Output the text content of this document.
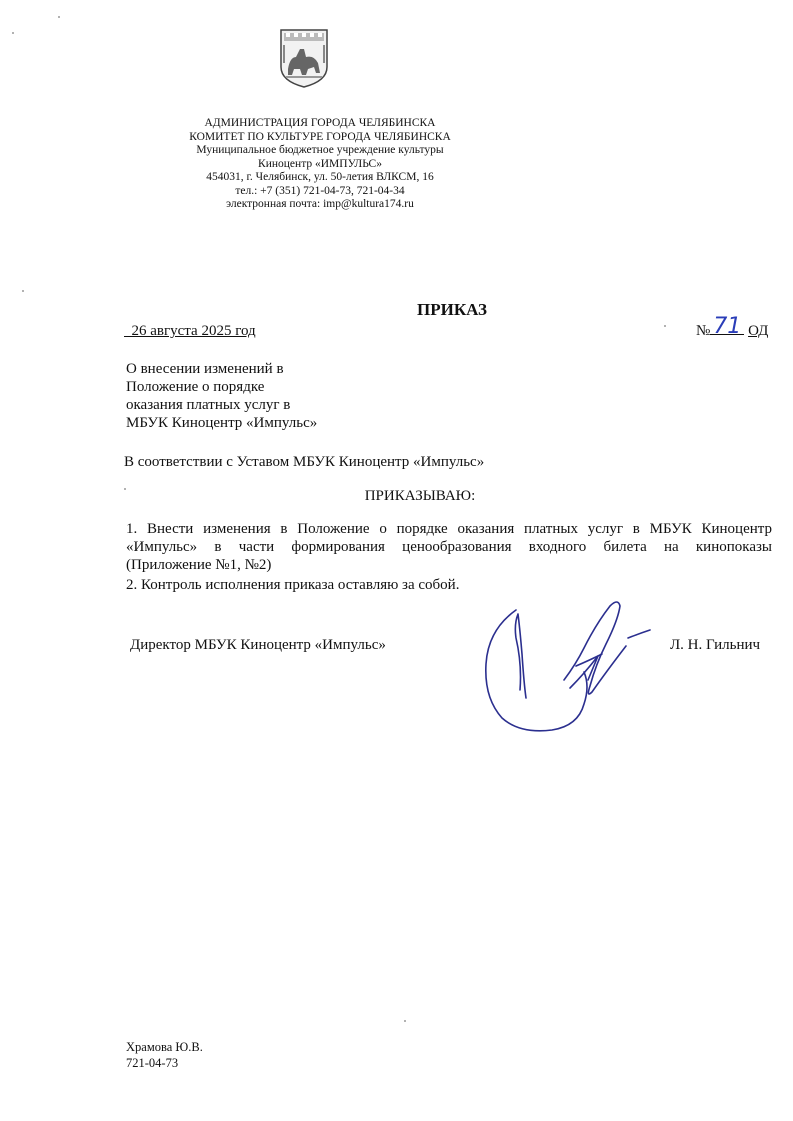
АДМИНИСТРАЦИЯ ГОРОДА ЧЕЛЯБИНСКА
КОМИТЕТ ПО КУЛЬТУРЕ ГОРОДА ЧЕЛЯБИНСКА
Муниципальное бюджетное учреждение культуры
Киноцентр «ИМПУЛЬС»
454031, г. Челябинск, ул. 50-летия ВЛКСМ, 16
тел.: +7 (351) 721-04-73, 721-04-34
электронная почта: imp@kultura174.ru
ПРИКАЗ
26 августа 2025 год	№ 71 ОД
О внесении изменений в
Положение о порядке
оказания платных услуг в
МБУК Киноцентр «Импульс»
В соответствии с Уставом МБУК Киноцентр «Импульс»
ПРИКАЗЫВАЮ:
1. Внести изменения в Положение о порядке оказания платных услуг в МБУК Киноцентр
«Импульс» в части формирования ценообразования входного билета на кинопоказы
(Приложение №1, №2)
2. Контроль исполнения приказа оставляю за собой.
Директор МБУК Киноцентр «Импульс»	Л. Н. Гильнич
Храмова Ю.В.
721-04-73
